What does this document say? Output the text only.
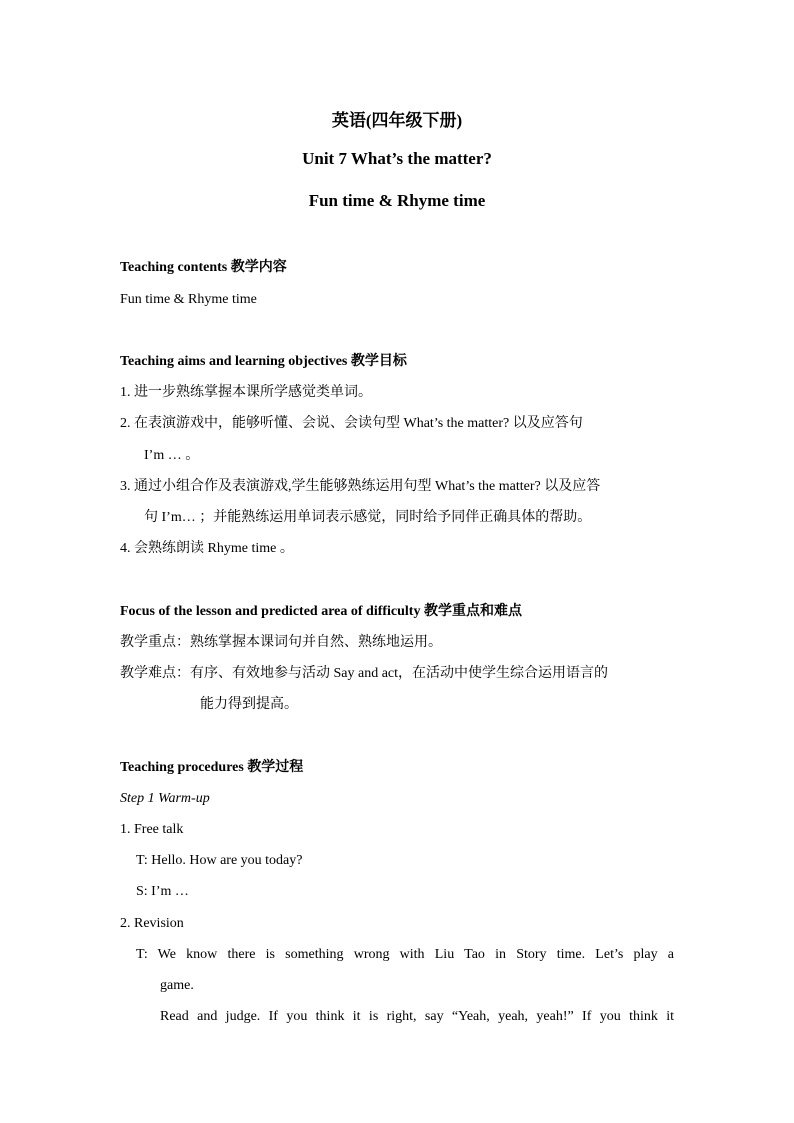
英语(四年级下册)
Unit 7 What’s the matter?
Fun time & Rhyme time
Teaching contents 教学内容
Fun time & Rhyme time
Teaching aims and learning objectives 教学目标
1. 进一步熟练掌握本课所学感觉类单词。
2. 在表演游戏中，能够听懂、会说、会读句型 What’s the matter? 以及应答句
I’m … 。
3. 通过小组合作及表演游戏,学生能够熟练运用句型 What’s the matter? 以及应答
句 I’m… ；并能熟练运用单词表示感觉，同时给予同伴正确具体的帮助。
4. 会熟练朗读 Rhyme time 。
Focus of the lesson and predicted area of difficulty 教学重点和难点
教学重点：熟练掌握本课词句并自然、熟练地运用。
教学难点：有序、有效地参与活动 Say and act，在活动中使学生综合运用语言的
能力得到提高。
Teaching procedures 教学过程
Step 1 Warm-up
1. Free talk
T: Hello. How are you today?
S: I’m …
2. Revision
T: We know there is something wrong with Liu Tao in Story time. Let’s play a
game.
Read and judge. If you think it is right, say “Yeah, yeah, yeah!” If you think it
